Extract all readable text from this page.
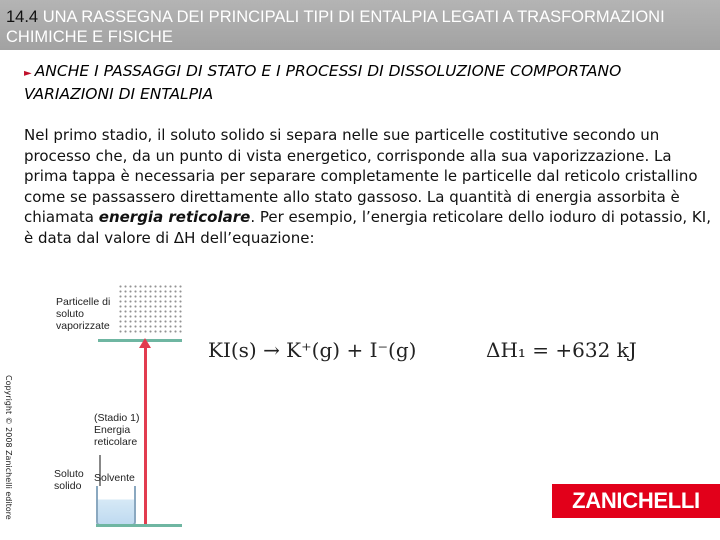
14.4 UNA RASSEGNA DEI PRINCIPALI TIPI DI ENTALPIA LEGATI A TRASFORMAZIONI CHIMICHE E FISICHE
► ANCHE I PASSAGGI DI STATO E I PROCESSI DI DISSOLUZIONE COMPORTANO VARIAZIONI DI ENTALPIA
Nel primo stadio, il soluto solido si separa nelle sue particelle costitutive secondo un processo che, da un punto di vista energetico, corrisponde alla sua vaporizzazione. La prima tappa è necessaria per separare completamente le particelle dal reticolo cristallino come se passassero direttamente allo stato gassoso. La quantità di energia assorbita è chiamata energia reticolare. Per esempio, l’energia reticolare dello ioduro di potassio, KI, è data dal valore di ΔH dell’equazione:
Copyright © 2008 Zanichelli editore
Particelle di soluto vaporizzate
(Stadio 1) Energia reticolare
Soluto solido
Solvente
KI(s) → K⁺(g) + I⁻(g)	ΔH₁ = +632 kJ
ZANICHELLI
